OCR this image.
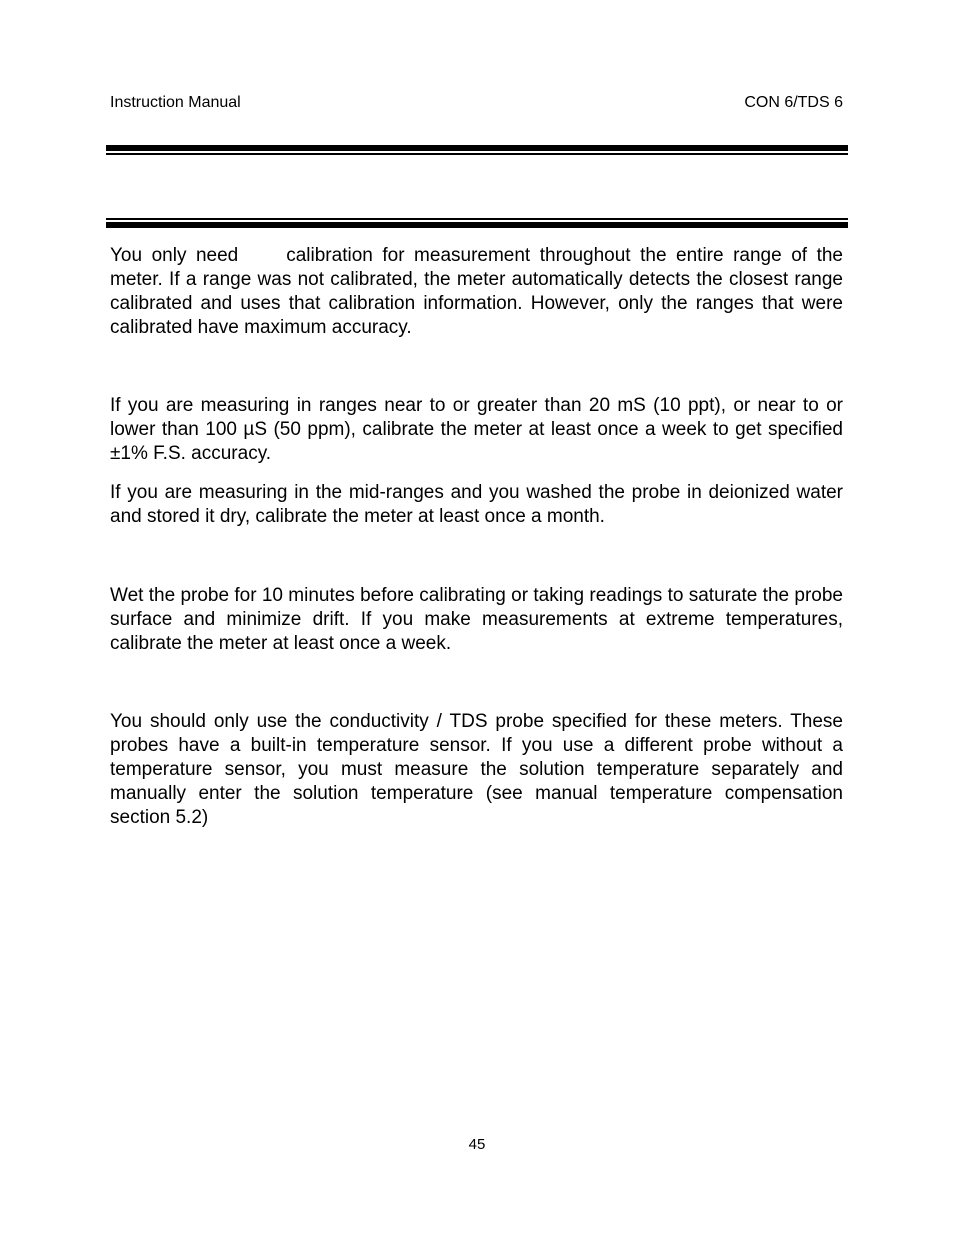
Instruction Manual	CON 6/TDS 6

You only need	calibration for measurement throughout the entire range of the meter. If a range was not calibrated, the meter automatically detects the closest range calibrated and uses that calibration information. However, only the ranges that were calibrated have maximum accuracy.

If you are measuring in ranges near to or greater than 20 mS (10 ppt), or near to or lower than 100 µS (50 ppm), calibrate the meter at least once a week to get specified ±1% F.S. accuracy.

If you are measuring in the mid-ranges and you washed the probe in deionized water and stored it dry, calibrate the meter at least once a month.

Wet the probe for 10 minutes before calibrating or taking readings to saturate the probe surface and minimize drift. If you make measurements at extreme temperatures, calibrate the meter at least once a week.

You should only use the conductivity / TDS probe specified for these meters. These probes have a built-in temperature sensor. If you use a different probe without a temperature sensor, you must measure the solution temperature separately and manually enter the solution temperature (see manual temperature compensation section 5.2)

45
